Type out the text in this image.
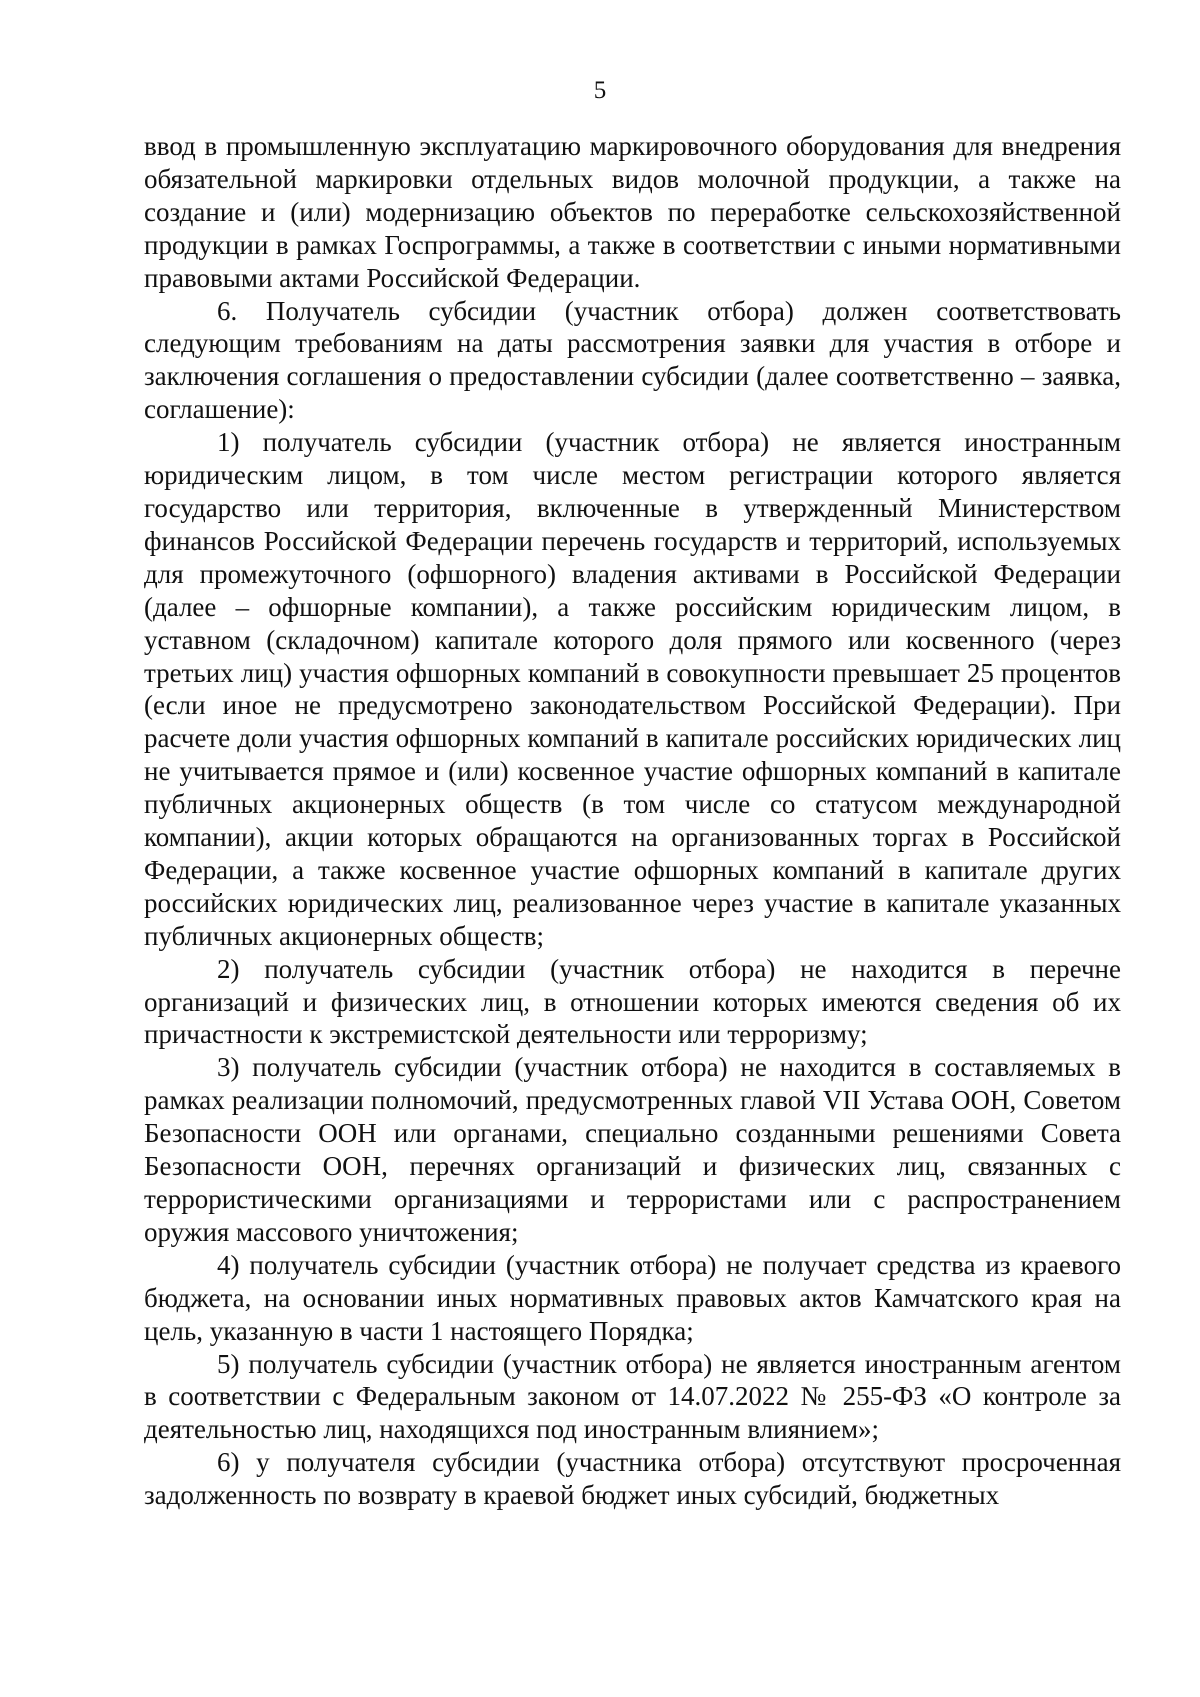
5

ввод в промышленную эксплуатацию маркировочного оборудования для внедрения обязательной маркировки отдельных видов молочной продукции, а также на создание и (или) модернизацию объектов по переработке сельскохозяйственной продукции в рамках Госпрограммы, а также в соответствии с иными нормативными правовыми актами Российской Федерации.

6. Получатель субсидии (участник отбора) должен соответствовать следующим требованиям на даты рассмотрения заявки для участия в отборе и заключения соглашения о предоставлении субсидии (далее соответственно – заявка, соглашение):

1) получатель субсидии (участник отбора) не является иностранным юридическим лицом, в том числе местом регистрации которого является государство или территория, включенные в утвержденный Министерством финансов Российской Федерации перечень государств и территорий, используемых для промежуточного (офшорного) владения активами в Российской Федерации (далее – офшорные компании), а также российским юридическим лицом, в уставном (складочном) капитале которого доля прямого или косвенного (через третьих лиц) участия офшорных компаний в совокупности превышает 25 процентов (если иное не предусмотрено законодательством Российской Федерации). При расчете доли участия офшорных компаний в капитале российских юридических лиц не учитывается прямое и (или) косвенное участие офшорных компаний в капитале публичных акционерных обществ (в том числе со статусом международной компании), акции которых обращаются на организованных торгах в Российской Федерации, а также косвенное участие офшорных компаний в капитале других российских юридических лиц, реализованное через участие в капитале указанных публичных акционерных обществ;

2) получатель субсидии (участник отбора) не находится в перечне организаций и физических лиц, в отношении которых имеются сведения об их причастности к экстремистской деятельности или терроризму;

3) получатель субсидии (участник отбора) не находится в составляемых в рамках реализации полномочий, предусмотренных главой VII Устава ООН, Советом Безопасности ООН или органами, специально созданными решениями Совета Безопасности ООН, перечнях организаций и физических лиц, связанных с террористическими организациями и террористами или с распространением оружия массового уничтожения;

4) получатель субсидии (участник отбора) не получает средства из краевого бюджета, на основании иных нормативных правовых актов Камчатского края на цель, указанную в части 1 настоящего Порядка;

5) получатель субсидии (участник отбора) не является иностранным агентом в соответствии с Федеральным законом от 14.07.2022 № 255-ФЗ «О контроле за деятельностью лиц, находящихся под иностранным влиянием»;

6) у получателя субсидии (участника отбора) отсутствуют просроченная задолженность по возврату в краевой бюджет иных субсидий, бюджетных
